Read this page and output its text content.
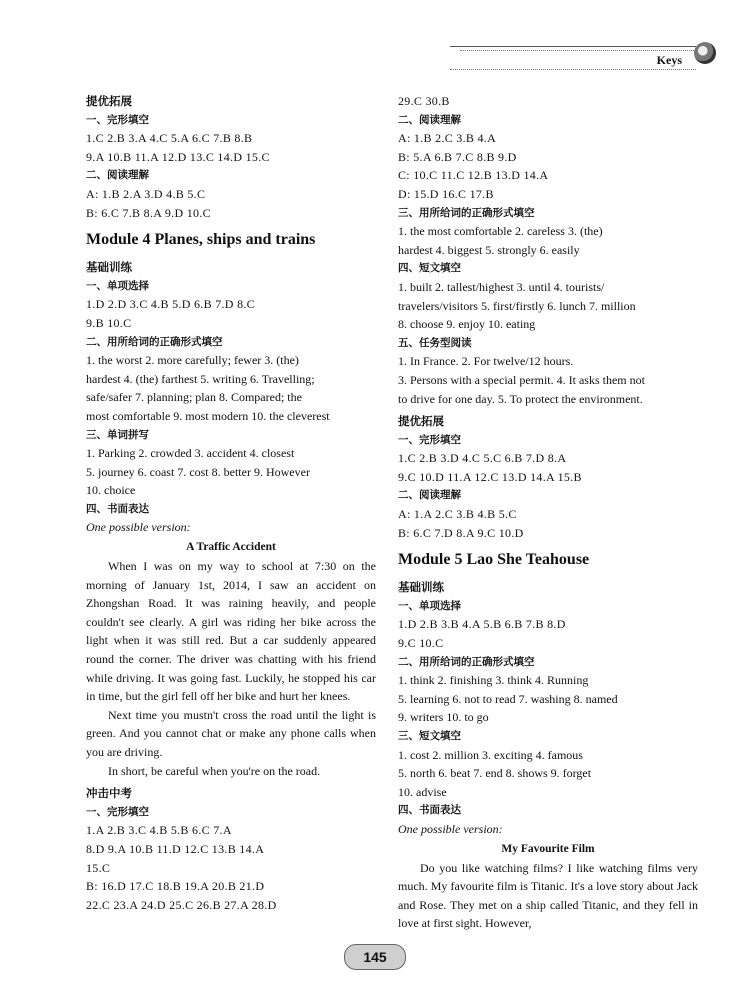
Keys

提优拓展

一、完形填空

1.C 2.B 3.A 4.C 5.A 6.C 7.B 8.B

9.A 10.B 11.A 12.D 13.C 14.D 15.C

二、阅读理解

A: 1.B 2.A 3.D 4.B 5.C

B: 6.C 7.B 8.A 9.D 10.C

Module 4 Planes, ships and trains

基础训练

一、单项选择

1.D 2.D 3.C 4.B 5.D 6.B 7.D 8.C

9.B 10.C

二、用所给词的正确形式填空

1. the worst 2. more carefully; fewer 3. (the)

hardest 4. (the) farthest 5. writing 6. Travelling;

safe/safer 7. planning; plan 8. Compared; the

most comfortable 9. most modern 10. the cleverest

三、单词拼写

1. Parking 2. crowded 3. accident 4. closest

5. journey 6. coast 7. cost 8. better 9. However

10. choice

四、书面表达

One possible version:

A Traffic Accident

When I was on my way to school at 7:30 on the morning of January 1st, 2014, I saw an accident on Zhongshan Road. It was raining heavily, and people couldn't see clearly. A girl was riding her bike across the light when it was still red. But a car suddenly appeared round the corner. The driver was chatting with his friend while driving. It was going fast. Luckily, he stopped his car in time, but the girl fell off her bike and hurt her knees.

Next time you mustn't cross the road until the light is green. And you cannot chat or make any phone calls when you are driving.

In short, be careful when you're on the road.

冲击中考

一、完形填空

1.A 2.B 3.C 4.B 5.B 6.C 7.A

8.D 9.A 10.B 11.D 12.C 13.B 14.A

15.C

B: 16.D 17.C 18.B 19.A 20.B 21.D

22.C 23.A 24.D 25.C 26.B 27.A 28.D

29.C 30.B

二、阅读理解

A: 1.B 2.C 3.B 4.A

B: 5.A 6.B 7.C 8.B 9.D

C: 10.C 11.C 12.B 13.D 14.A

D: 15.D 16.C 17.B

三、用所给词的正确形式填空

1. the most comfortable 2. careless 3. (the)

hardest 4. biggest 5. strongly 6. easily

四、短文填空

1. built 2. tallest/highest 3. until 4. tourists/

travelers/visitors 5. first/firstly 6. lunch 7. million

8. choose 9. enjoy 10. eating

五、任务型阅读

1. In France. 2. For twelve/12 hours.

3. Persons with a special permit. 4. It asks them not

to drive for one day. 5. To protect the environment.

提优拓展

一、完形填空

1.C 2.B 3.D 4.C 5.C 6.B 7.D 8.A

9.C 10.D 11.A 12.C 13.D 14.A 15.B

二、阅读理解

A: 1.A 2.C 3.B 4.B 5.C

B: 6.C 7.D 8.A 9.C 10.D

Module 5 Lao She Teahouse

基础训练

一、单项选择

1.D 2.B 3.B 4.A 5.B 6.B 7.B 8.D

9.C 10.C

二、用所给词的正确形式填空

1. think 2. finishing 3. think 4. Running

5. learning 6. not to read 7. washing 8. named

9. writers 10. to go

三、短文填空

1. cost 2. million 3. exciting 4. famous

5. north 6. beat 7. end 8. shows 9. forget

10. advise

四、书面表达

One possible version:

My Favourite Film

Do you like watching films? I like watching films very much. My favourite film is Titanic. It's a love story about Jack and Rose. They met on a ship called Titanic, and they fell in love at first sight. However,

145
